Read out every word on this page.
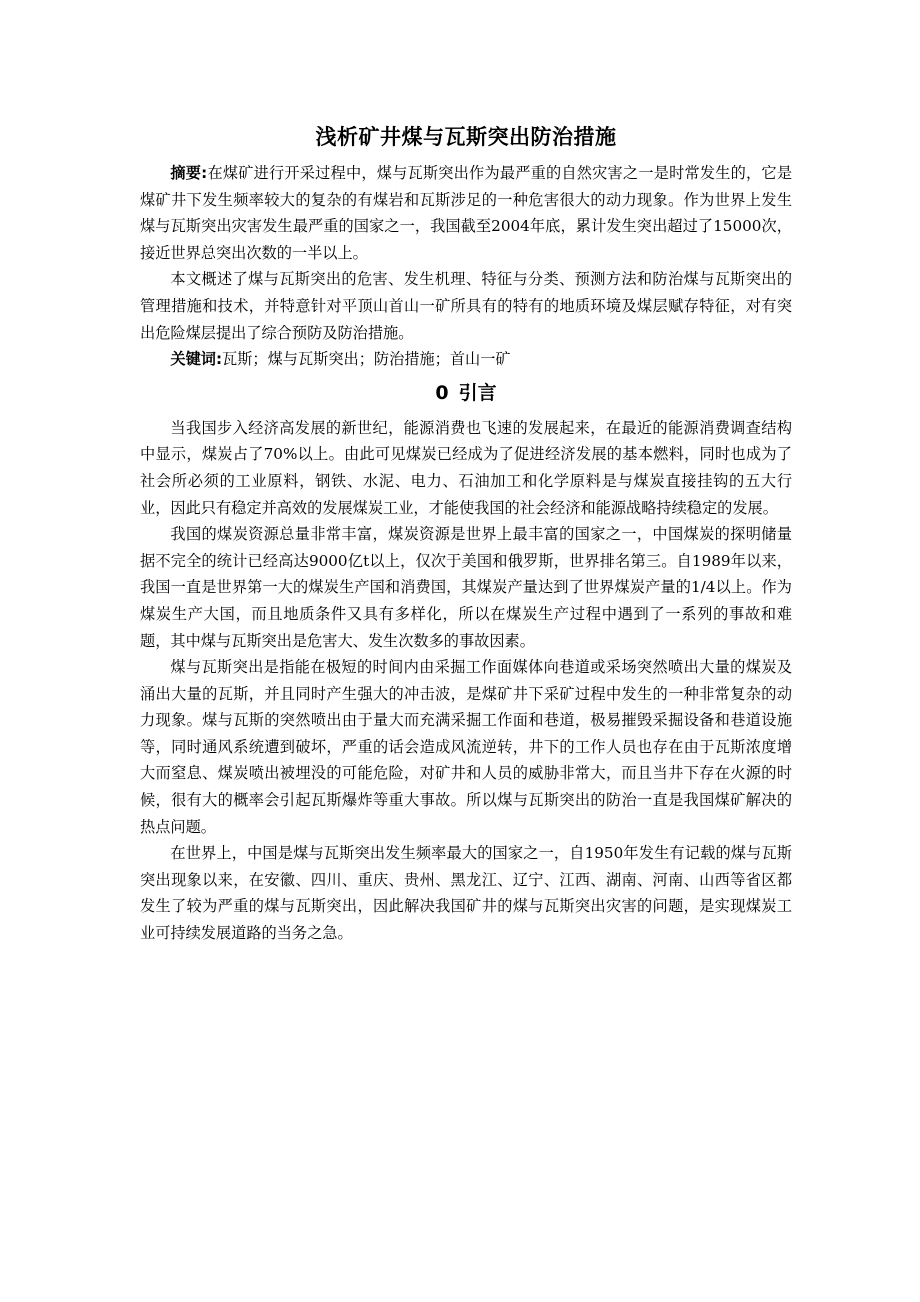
浅析矿井煤与瓦斯突出防治措施

摘要:在煤矿进行开采过程中，煤与瓦斯突出作为最严重的自然灾害之一是时常发生的，它是煤矿井下发生频率较大的复杂的有煤岩和瓦斯涉足的一种危害很大的动力现象。作为世界上发生煤与瓦斯突出灾害发生最严重的国家之一，我国截至2004年底，累计发生突出超过了15000次，接近世界总突出次数的一半以上。

本文概述了煤与瓦斯突出的危害、发生机理、特征与分类、预测方法和防治煤与瓦斯突出的管理措施和技术，并特意针对平顶山首山一矿所具有的特有的地质环境及煤层赋存特征，对有突出危险煤层提出了综合预防及防治措施。

关键词:瓦斯；煤与瓦斯突出；防治措施；首山一矿

0 引言

当我国步入经济高发展的新世纪，能源消费也飞速的发展起来，在最近的能源消费调查结构中显示，煤炭占了70%以上。由此可见煤炭已经成为了促进经济发展的基本燃料，同时也成为了社会所必须的工业原料，钢铁、水泥、电力、石油加工和化学原料是与煤炭直接挂钩的五大行业，因此只有稳定并高效的发展煤炭工业，才能使我国的社会经济和能源战略持续稳定的发展。

我国的煤炭资源总量非常丰富，煤炭资源是世界上最丰富的国家之一，中国煤炭的探明储量据不完全的统计已经高达9000亿t以上，仅次于美国和俄罗斯，世界排名第三。自1989年以来，我国一直是世界第一大的煤炭生产国和消费国，其煤炭产量达到了世界煤炭产量的1/4以上。作为煤炭生产大国，而且地质条件又具有多样化，所以在煤炭生产过程中遇到了一系列的事故和难题，其中煤与瓦斯突出是危害大、发生次数多的事故因素。

煤与瓦斯突出是指能在极短的时间内由采掘工作面媒体向巷道或采场突然喷出大量的煤炭及涌出大量的瓦斯，并且同时产生强大的冲击波，是煤矿井下采矿过程中发生的一种非常复杂的动力现象。煤与瓦斯的突然喷出由于量大而充满采掘工作面和巷道，极易摧毁采掘设备和巷道设施等，同时通风系统遭到破坏，严重的话会造成风流逆转，井下的工作人员也存在由于瓦斯浓度增大而窒息、煤炭喷出被埋没的可能危险，对矿井和人员的威胁非常大，而且当井下存在火源的时候，很有大的概率会引起瓦斯爆炸等重大事故。所以煤与瓦斯突出的防治一直是我国煤矿解决的热点问题。

在世界上，中国是煤与瓦斯突出发生频率最大的国家之一，自1950年发生有记载的煤与瓦斯突出现象以来，在安徽、四川、重庆、贵州、黑龙江、辽宁、江西、湖南、河南、山西等省区都发生了较为严重的煤与瓦斯突出，因此解决我国矿井的煤与瓦斯突出灾害的问题，是实现煤炭工业可持续发展道路的当务之急。
